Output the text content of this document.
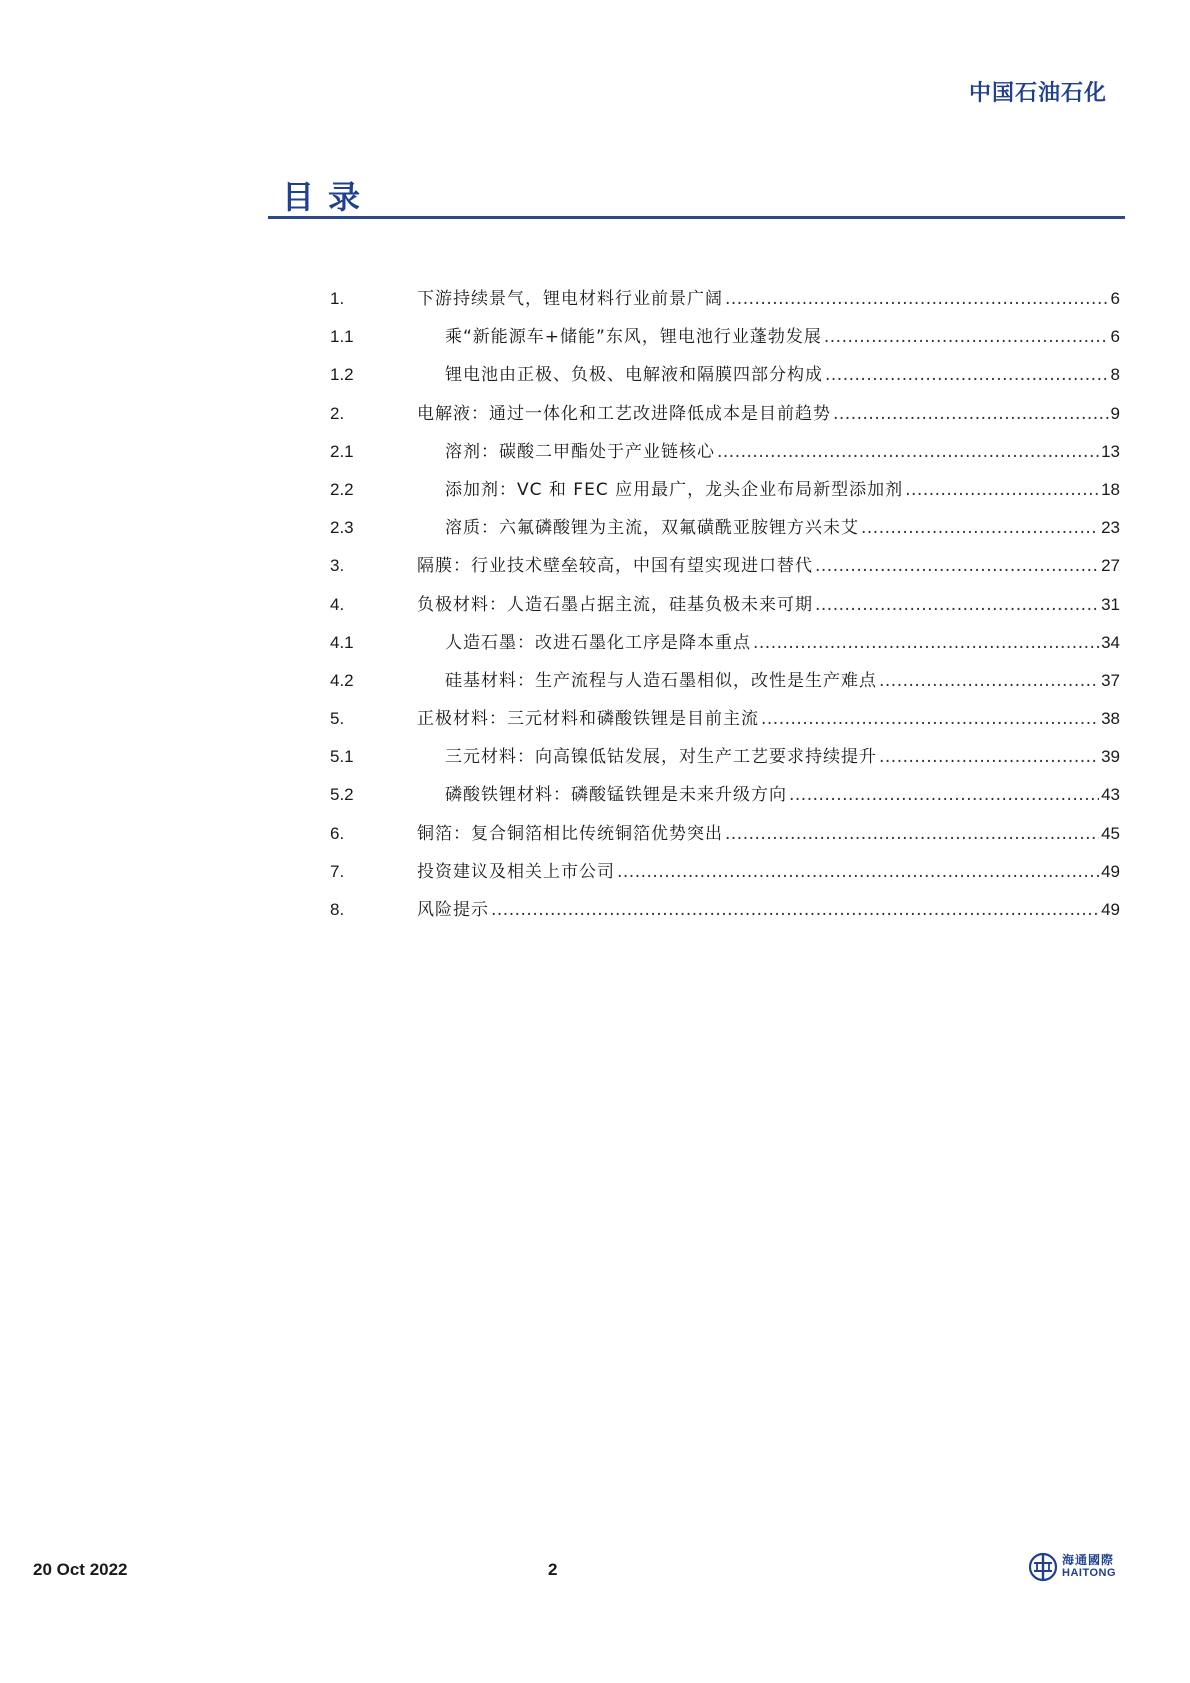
中国石油石化
目录
1.	下游持续景气，锂电材料行业前景广阔 .....	6
1.1	乘“新能源车+储能”东风，锂电池行业蓬勃发展 .....	6
1.2	锂电池由正极、负极、电解液和隔膜四部分构成 .....	8
2.	电解液：通过一体化和工艺改进降低成本是目前趋势 .....	9
2.1	溶剂：碳酸二甲酯处于产业链核心 .....	13
2.2	添加剂：VC 和 FEC 应用最广，龙头企业布局新型添加剂 .....	18
2.3	溶质：六氟磷酸锂为主流，双氟磺酰亚胺锂方兴未艾 .....	23
3.	隔膜：行业技术壁垒较高，中国有望实现进口替代 .....	27
4.	负极材料：人造石墨占据主流，硅基负极未来可期 .....	31
4.1	人造石墨：改进石墨化工序是降本重点 .....	34
4.2	硅基材料：生产流程与人造石墨相似，改性是生产难点 .....	37
5.	正极材料：三元材料和磷酸铁锂是目前主流 .....	38
5.1	三元材料：向高镍低钴发展，对生产工艺要求持续提升 .....	39
5.2	磷酸铁锂材料：磷酸锰铁锂是未来升级方向 .....	43
6.	铜箔：复合铜箔相比传统铜箔优势突出 .....	45
7.	投资建议及相关上市公司 .....	49
8.	风险提示 .....	49
20 Oct 2022	2	海通國際
HAITONG
